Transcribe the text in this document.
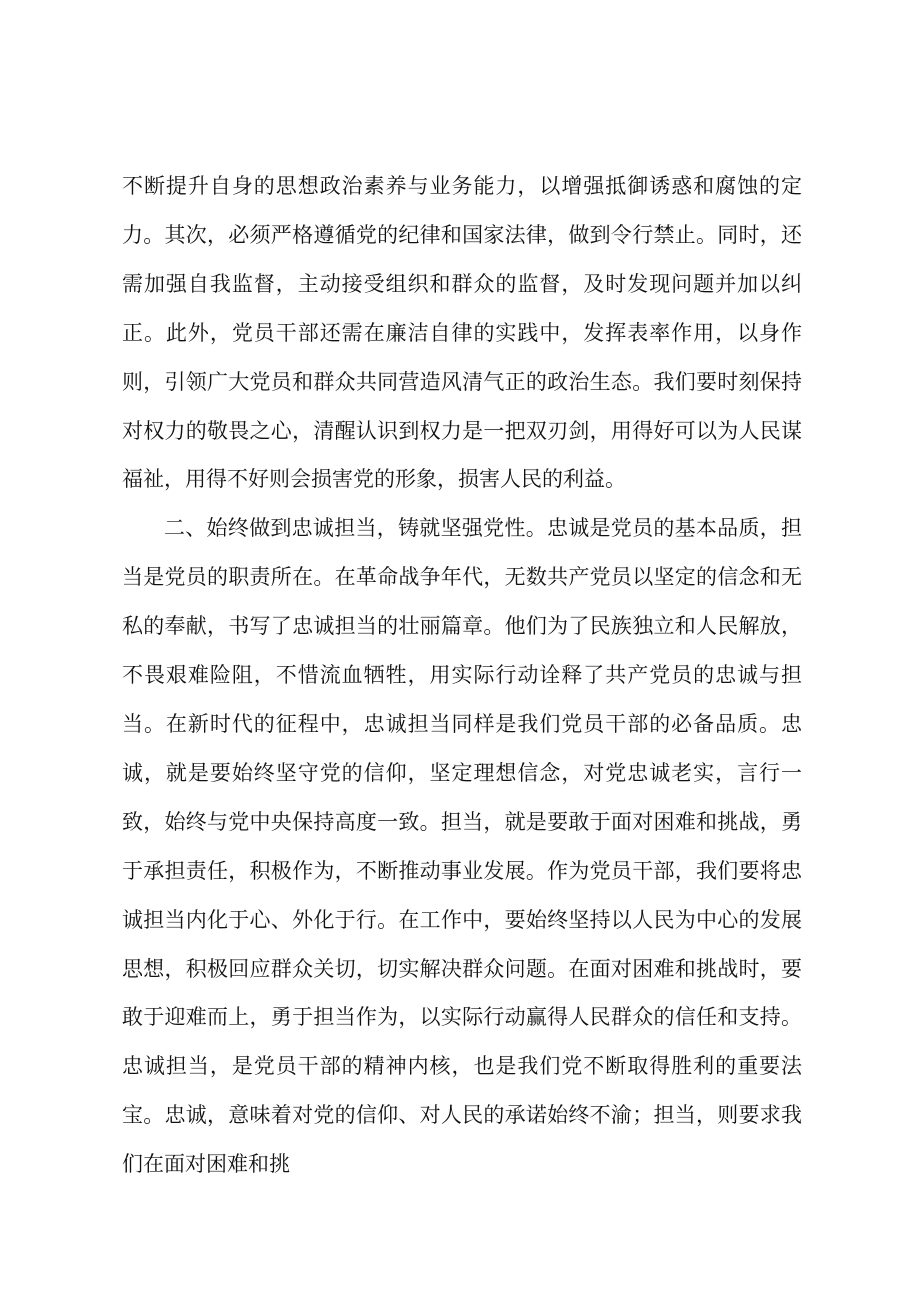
不断提升自身的思想政治素养与业务能力，以增强抵御诱惑和腐蚀的定力。其次，必须严格遵循党的纪律和国家法律，做到令行禁止。同时，还需加强自我监督，主动接受组织和群众的监督，及时发现问题并加以纠正。此外，党员干部还需在廉洁自律的实践中，发挥表率作用，以身作则，引领广大党员和群众共同营造风清气正的政治生态。我们要时刻保持对权力的敬畏之心，清醒认识到权力是一把双刃剑，用得好可以为人民谋福祉，用得不好则会损害党的形象，损害人民的利益。

二、始终做到忠诚担当，铸就坚强党性。忠诚是党员的基本品质，担当是党员的职责所在。在革命战争年代，无数共产党员以坚定的信念和无私的奉献，书写了忠诚担当的壮丽篇章。他们为了民族独立和人民解放，不畏艰难险阻，不惜流血牺牲，用实际行动诠释了共产党员的忠诚与担当。在新时代的征程中，忠诚担当同样是我们党员干部的必备品质。忠诚，就是要始终坚守党的信仰，坚定理想信念，对党忠诚老实，言行一致，始终与党中央保持高度一致。担当，就是要敢于面对困难和挑战，勇于承担责任，积极作为，不断推动事业发展。作为党员干部，我们要将忠诚担当内化于心、外化于行。在工作中，要始终坚持以人民为中心的发展思想，积极回应群众关切，切实解决群众问题。在面对困难和挑战时，要敢于迎难而上，勇于担当作为，以实际行动赢得人民群众的信任和支持。忠诚担当，是党员干部的精神内核，也是我们党不断取得胜利的重要法宝。忠诚，意味着对党的信仰、对人民的承诺始终不渝；担当，则要求我们在面对困难和挑
